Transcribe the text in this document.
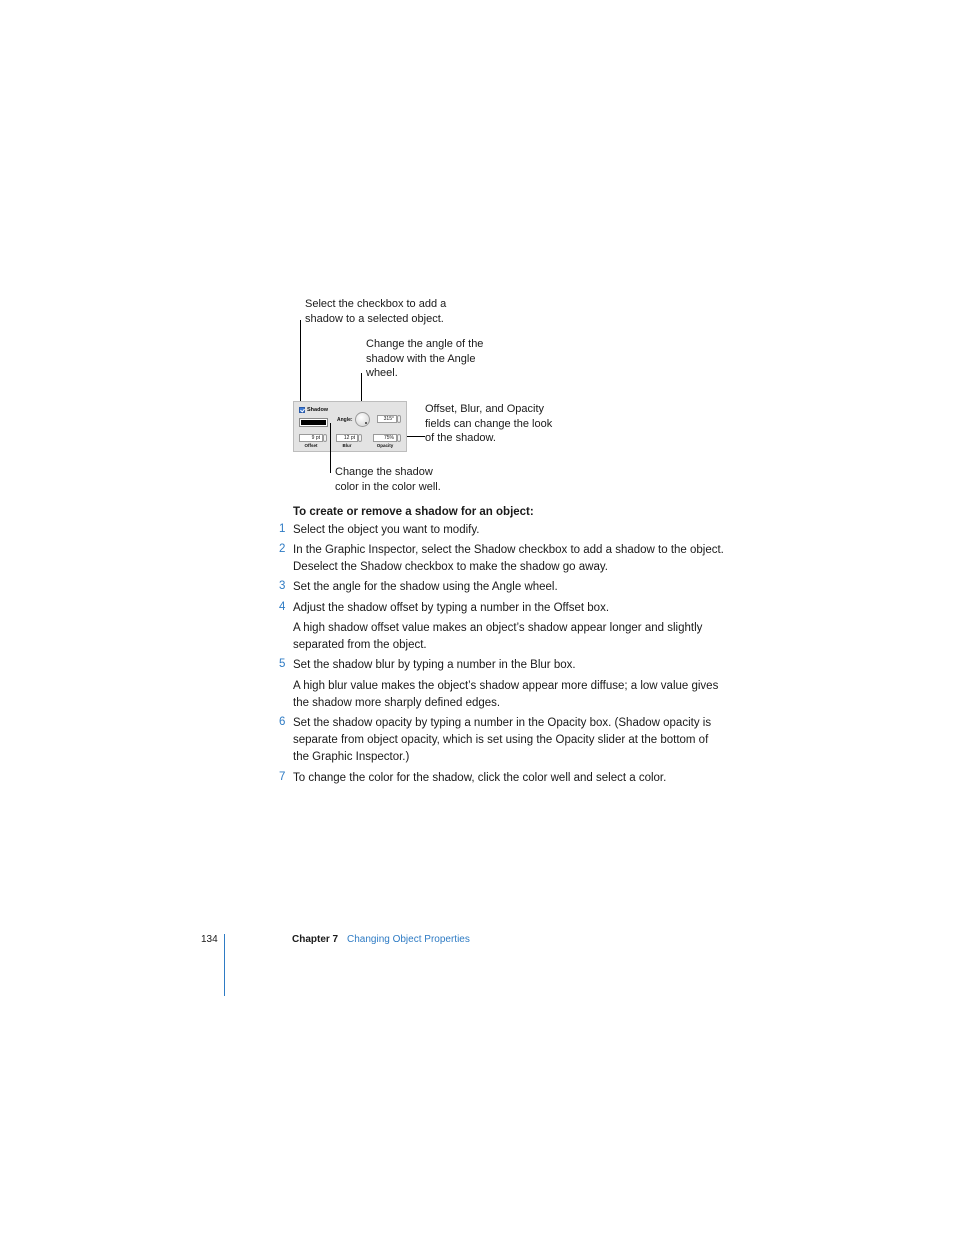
Select the checkbox to add a
shadow to a selected object.
Change the angle of the
shadow with the Angle
wheel.
Offset, Blur, and Opacity
fields can change the look
of the shadow.
Shadow
Angle:	315°
9 pt
Offset
12 pt
Blur
75%
Opacity
Change the shadow
color in the color well.
To create or remove a shadow for an object:
1 Select the object you want to modify.
2 In the Graphic Inspector, select the Shadow checkbox to add a shadow to the object.
Deselect the Shadow checkbox to make the shadow go away.
3 Set the angle for the shadow using the Angle wheel.
4 Adjust the shadow offset by typing a number in the Offset box.
A high shadow offset value makes an object’s shadow appear longer and slightly
separated from the object.
5 Set the shadow blur by typing a number in the Blur box.
A high blur value makes the object’s shadow appear more diffuse; a low value gives
the shadow more sharply defined edges.
6 Set the shadow opacity by typing a number in the Opacity box. (Shadow opacity is
separate from object opacity, which is set using the Opacity slider at the bottom of
the Graphic Inspector.)
7 To change the color for the shadow, click the color well and select a color.
134	Chapter 7 Changing Object Properties
